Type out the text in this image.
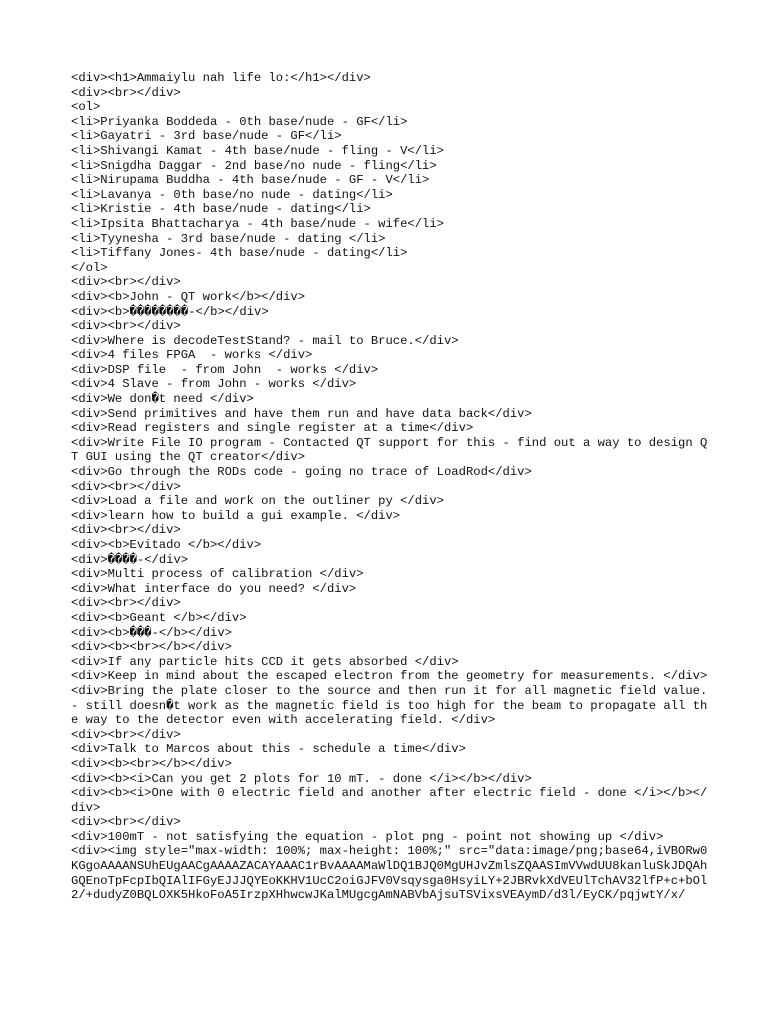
<div><h1>Ammaiylu nah life lo:</h1></div>
<div><br></div>
<ol>
<li>Priyanka Boddeda - 0th base/nude - GF</li>
<li>Gayatri - 3rd base/nude - GF</li>
<li>Shivangi Kamat - 4th base/nude - fling - V</li>
<li>Snigdha Daggar - 2nd base/no nude - fling</li>
<li>Nirupama Buddha - 4th base/nude - GF - V</li>
<li>Lavanya - 0th base/no nude - dating</li>
<li>Kristie - 4th base/nude - dating</li>
<li>Ipsita Bhattacharya - 4th base/nude - wife</li>
<li>Tyynesha - 3rd base/nude - dating </li>
<li>Tiffany Jones- 4th base/nude - dating</li>
</ol>
<div><br></div>
<div><b>John - QT work</b></div>
<div><b>��������-</b></div>
<div><br></div>
<div>Where is decodeTestStand? - mail to Bruce.</div>
<div>4 files FPGA  - works </div>
<div>DSP file  - from John  - works </div>
<div>4 Slave - from John - works </div>
<div>We don�t need </div>
<div>Send primitives and have them run and have data back</div>
<div>Read registers and single register at a time</div>
<div>Write File IO program - Contacted QT support for this - find out a way to design QT GUI using the QT creator</div>
<div>Go through the RODs code - going no trace of LoadRod</div>
<div><br></div>
<div>Load a file and work on the outliner py </div>
<div>learn how to build a gui example. </div>
<div><br></div>
<div><b>Evitado </b></div>
<div>����-</div>
<div>Multi process of calibration </div>
<div>What interface do you need? </div>
<div><br></div>
<div><b>Geant </b></div>
<div><b>���-</b></div>
<div><b><br></b></div>
<div>If any particle hits CCD it gets absorbed </div>
<div>Keep in mind about the escaped electron from the geometry for measurements. </div>
<div>Bring the plate closer to the source and then run it for all magnetic field value. - still doesn�t work as the magnetic field is too high for the beam to propagate all the way to the detector even with accelerating field. </div>
<div><br></div>
<div>Talk to Marcos about this - schedule a time</div>
<div><b><br></b></div>
<div><b><i>Can you get 2 plots for 10 mT. - done </i></b></div>
<div><b><i>One with 0 electric field and another after electric field - done </i></b></div>
<div><br></div>
<div>100mT - not satisfying the equation - plot png - point not showing up </div>
<div><img style="max-width: 100%; max-height: 100%;" src="data:image/png;base64,iVBORw0KGgoAAAANSUhEUgAACgAAAAZACAYAAAC1rBvAAAAMaWlDQ1BJQ0MgUHJvZmlsZQAASImVVwdUU8kanluSkJDQAhGQEnoTpFcpIbQIAlIFGyEJJJQYEoKKHV1UcC2oiGJFV0Vsqysga0HsyiLY+2JBRvkXdVEUlTchAV32lfP+c+bOl2/+dudyZ0BQLOXK5HkoFoA5IrzpXHhwcwJKalMUgcgAmNABVbAjsuTSVixsVEAymD/d3l/EyCK/pqjwtY/x/
